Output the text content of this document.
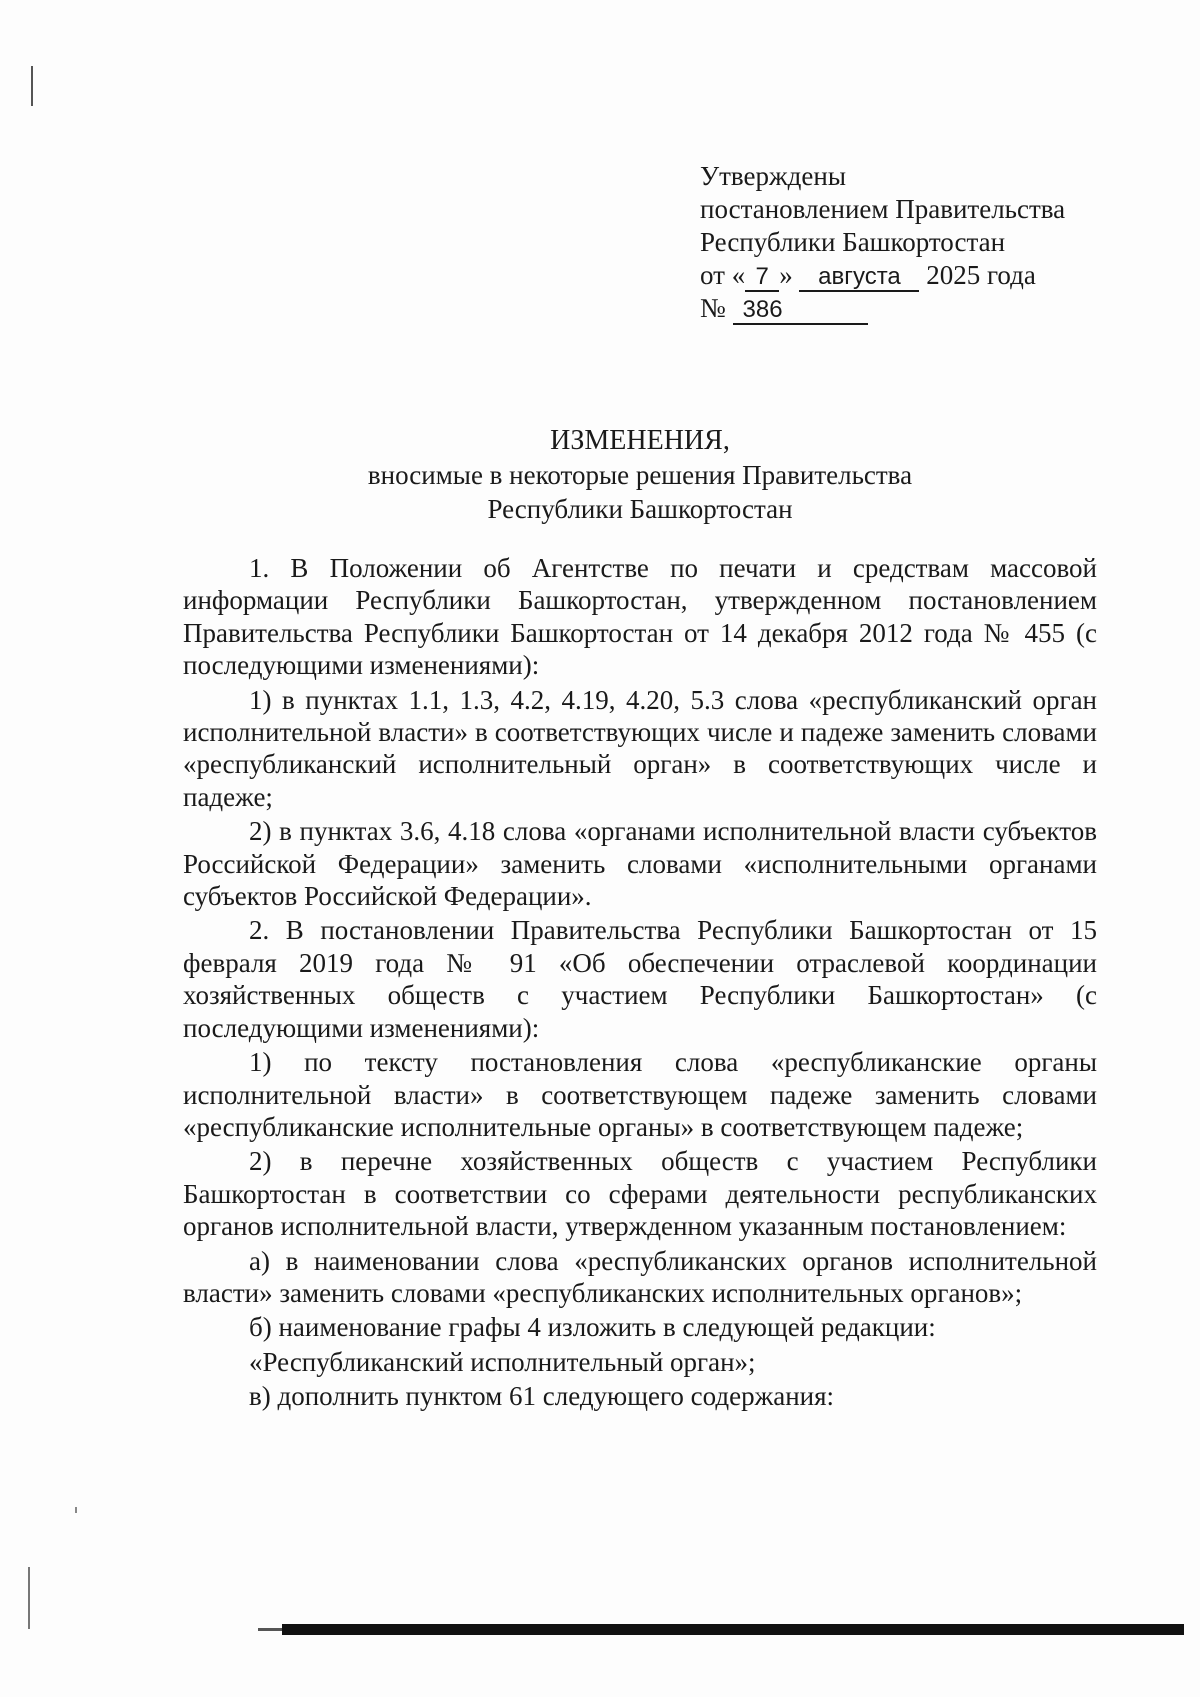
Утверждены
постановлением Правительства
Республики Башкортостан
от « 7 » августа 2025 года
№ 386
ИЗМЕНЕНИЯ,
вносимые в некоторые решения Правительства
Республики Башкортостан

1. В Положении об Агентстве по печати и средствам массовой информации Республики Башкортостан, утвержденном постановлением Правительства Республики Башкортостан от 14 декабря 2012 года № 455 (с последующими изменениями):

1) в пунктах 1.1, 1.3, 4.2, 4.19, 4.20, 5.3 слова «республиканский орган исполнительной власти» в соответствующих числе и падеже заменить словами «республиканский исполнительный орган» в соответствующих числе и падеже;

2) в пунктах 3.6, 4.18 слова «органами исполнительной власти субъектов Российской Федерации» заменить словами «исполнительными органами субъектов Российской Федерации».

2. В постановлении Правительства Республики Башкортостан от 15 февраля 2019 года № 91 «Об обеспечении отраслевой координации хозяйственных обществ с участием Республики Башкортостан» (с последующими изменениями):

1) по тексту постановления слова «республиканские органы исполнительной власти» в соответствующем падеже заменить словами «республиканские исполнительные органы» в соответствующем падеже;

2) в перечне хозяйственных обществ с участием Республики Башкортостан в соответствии со сферами деятельности республиканских органов исполнительной власти, утвержденном указанным постановлением:

а) в наименовании слова «республиканских органов исполнительной власти» заменить словами «республиканских исполнительных органов»;

б) наименование графы 4 изложить в следующей редакции:

«Республиканский исполнительный орган»;

в) дополнить пунктом 61 следующего содержания:
